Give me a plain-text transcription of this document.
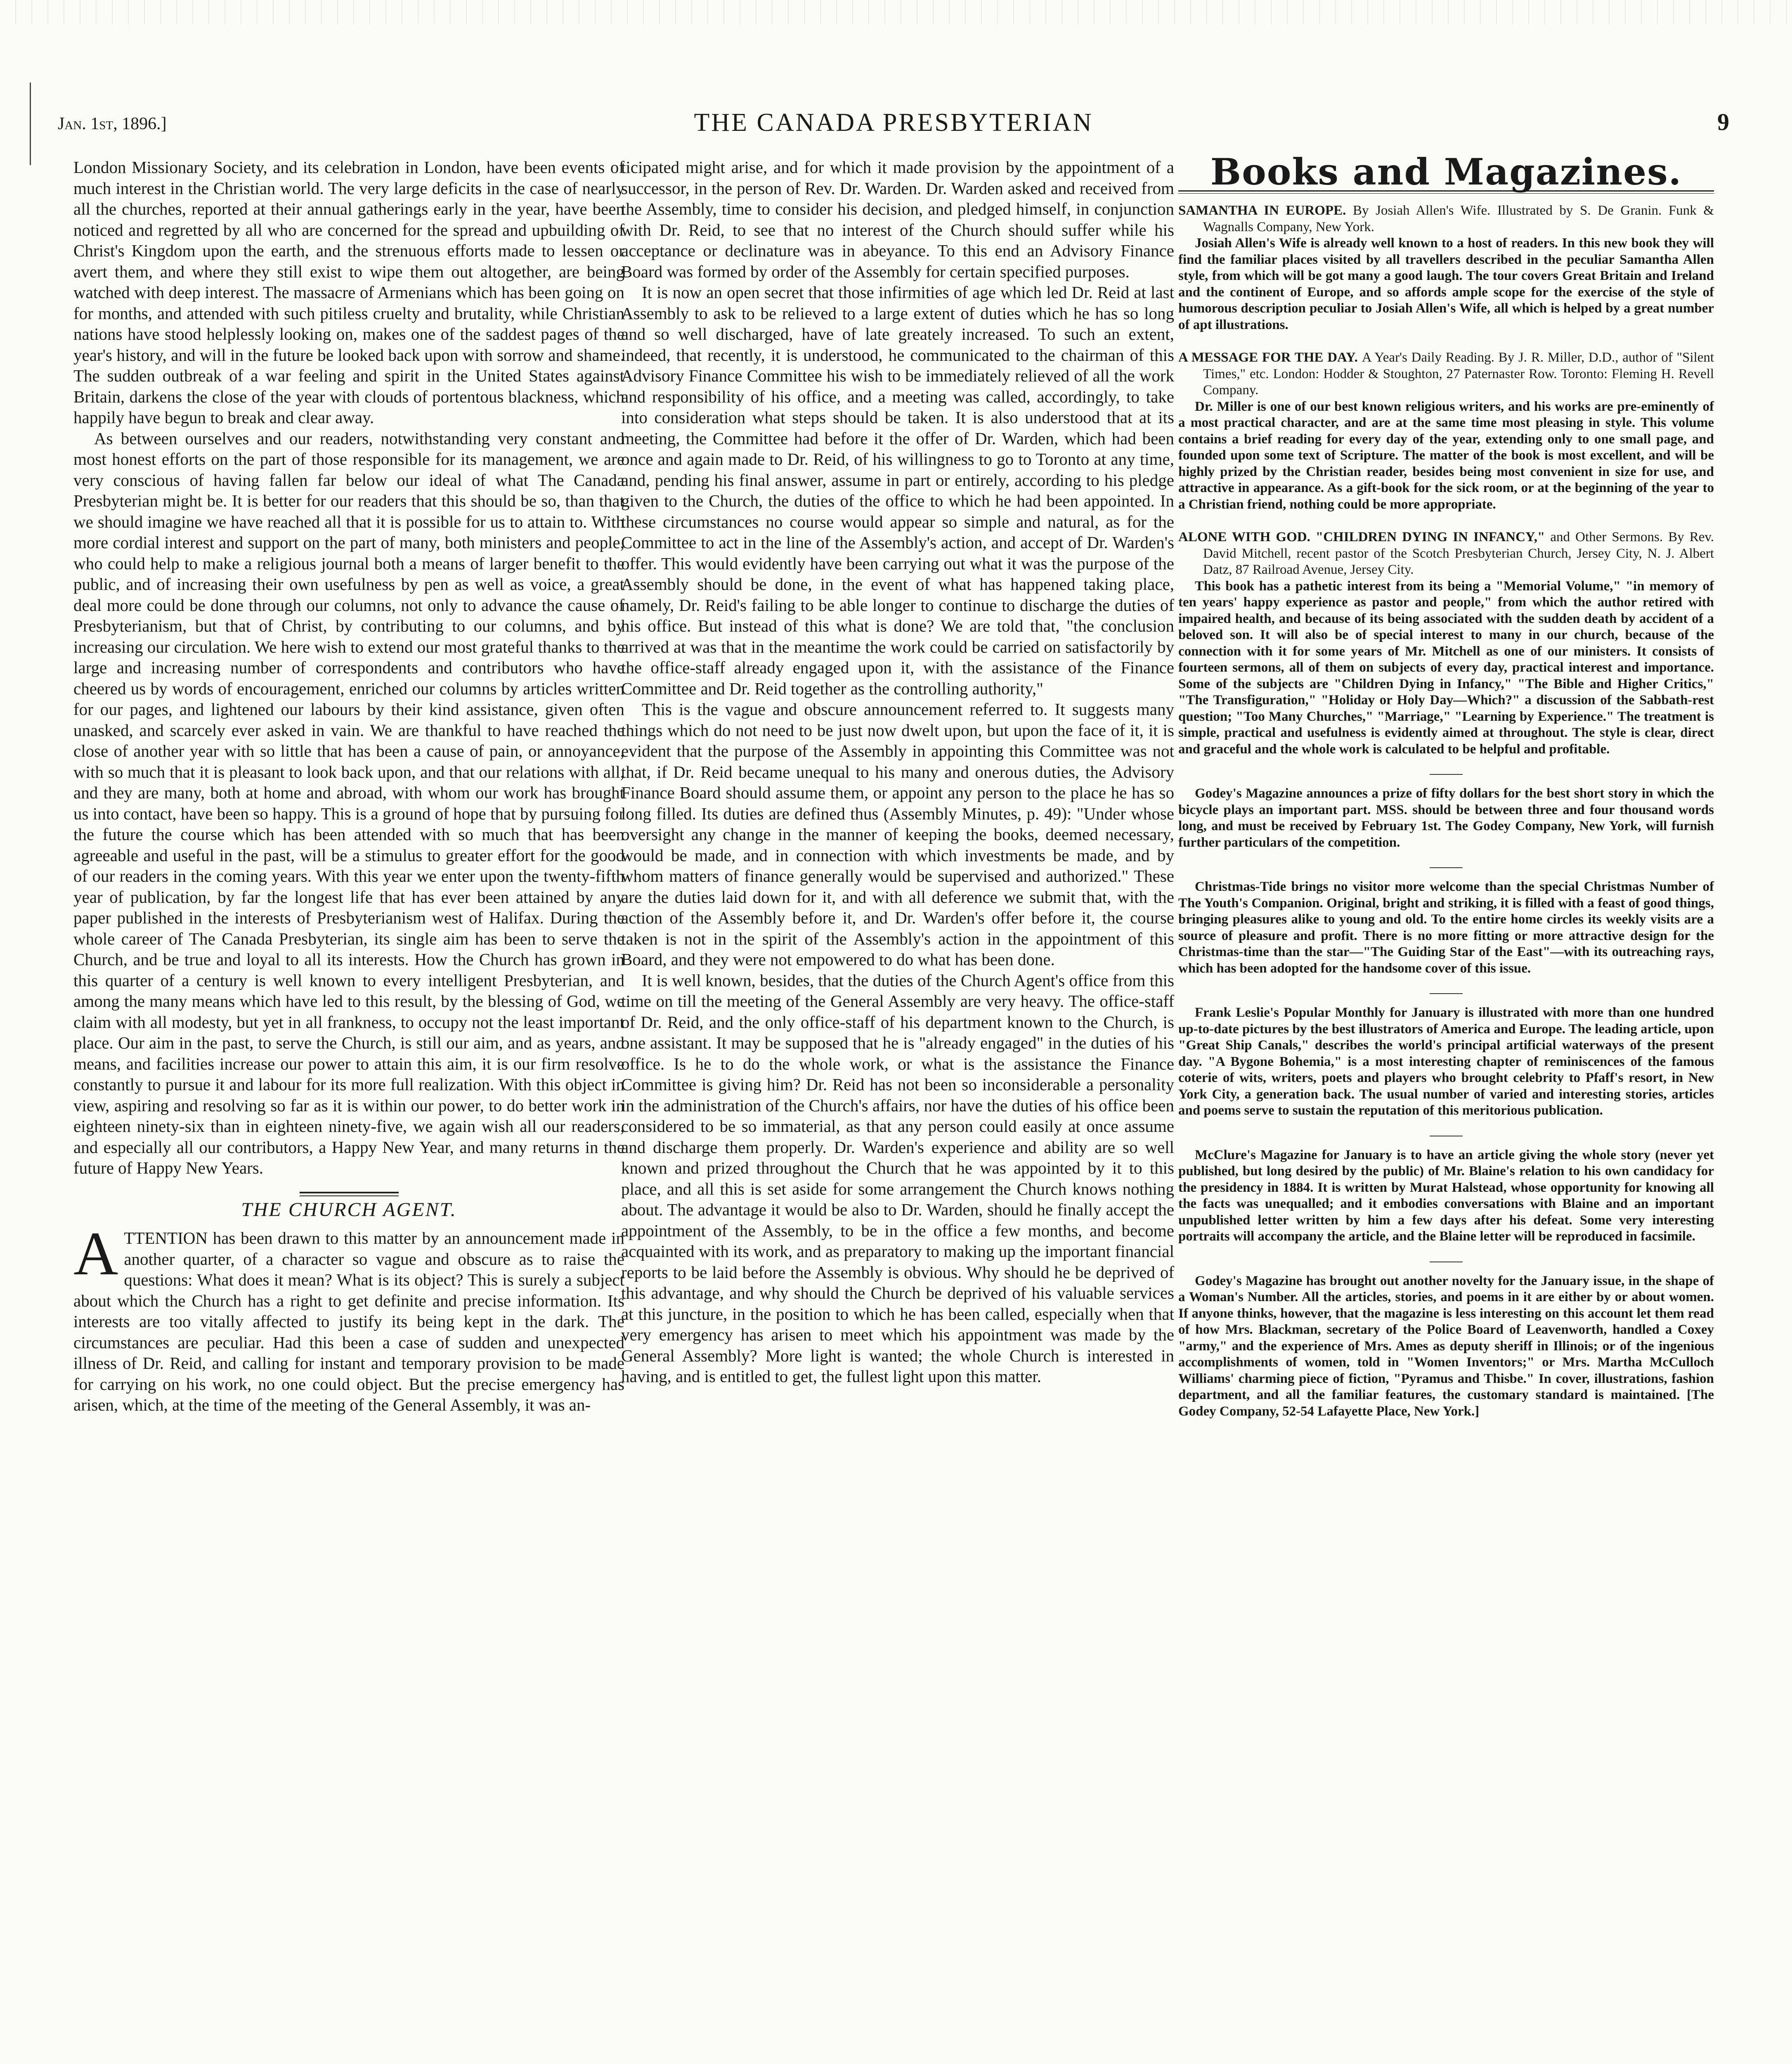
Jan. 1st, 1896.]	THE CANADA PRESBYTERIAN	9

London Missionary Society, and its celebration in London, have been events of much interest in the Christian world. The very large deficits in the case of nearly all the churches, reported at their annual gatherings early in the year, have been noticed and regretted by all who are concerned for the spread and upbuilding of Christ's Kingdom upon the earth, and the strenuous efforts made to lessen or avert them, and where they still exist to wipe them out altogether, are being watched with deep interest. The massacre of Armenians which has been going on for months, and attended with such pitiless cruelty and brutality, while Christian nations have stood helplessly looking on, makes one of the saddest pages of the year's history, and will in the future be looked back upon with sorrow and shame. The sudden outbreak of a war feeling and spirit in the United States against Britain, darkens the close of the year with clouds of portentous blackness, which happily have begun to break and clear away.

As between ourselves and our readers, notwithstanding very constant and most honest efforts on the part of those responsible for its management, we are very conscious of having fallen far below our ideal of what The Canada Presbyterian might be. It is better for our readers that this should be so, than that we should imagine we have reached all that it is possible for us to attain to. With more cordial interest and support on the part of many, both ministers and people, who could help to make a religious journal both a means of larger benefit to the public, and of increasing their own usefulness by pen as well as voice, a great deal more could be done through our columns, not only to advance the cause of Presbyterianism, but that of Christ, by contributing to our columns, and by increasing our circulation. We here wish to extend our most grateful thanks to the large and increasing number of correspondents and contributors who have cheered us by words of encouragement, enriched our columns by articles written for our pages, and lightened our labours by their kind assistance, given often unasked, and scarcely ever asked in vain. We are thankful to have reached the close of another year with so little that has been a cause of pain, or annoyance, with so much that it is pleasant to look back upon, and that our relations with all, and they are many, both at home and abroad, with whom our work has brought us into contact, have been so happy. This is a ground of hope that by pursuing for the future the course which has been attended with so much that has been agreeable and useful in the past, will be a stimulus to greater effort for the good of our readers in the coming years. With this year we enter upon the twenty-fifth year of publication, by far the longest life that has ever been attained by any paper published in the interests of Presbyterianism west of Halifax. During the whole career of The Canada Presbyterian, its single aim has been to serve the Church, and be true and loyal to all its interests. How the Church has grown in this quarter of a century is well known to every intelligent Presbyterian, and among the many means which have led to this result, by the blessing of God, we claim with all modesty, but yet in all frankness, to occupy not the least important place. Our aim in the past, to serve the Church, is still our aim, and as years, and means, and facilities increase our power to attain this aim, it is our firm resolve constantly to pursue it and labour for its more full realization. With this object in view, aspiring and resolving so far as it is within our power, to do better work in eighteen ninety-six than in eighteen ninety-five, we again wish all our readers, and especially all our contributors, a Happy New Year, and many returns in the future of Happy New Years.

THE CHURCH AGENT.

ATTENTION has been drawn to this matter by an announcement made in another quarter, of a character so vague and obscure as to raise the questions: What does it mean? What is its object? This is surely a subject about which the Church has a right to get definite and precise information. Its interests are too vitally affected to justify its being kept in the dark. The circumstances are peculiar. Had this been a case of sudden and unexpected illness of Dr. Reid, and calling for instant and temporary provision to be made for carrying on his work, no one could object. But the precise emergency has arisen, which, at the time of the meeting of the General Assembly, it was an-

ticipated might arise, and for which it made provision by the appointment of a successor, in the person of Rev. Dr. Warden. Dr. Warden asked and received from the Assembly, time to consider his decision, and pledged himself, in conjunction with Dr. Reid, to see that no interest of the Church should suffer while his acceptance or declinature was in abeyance. To this end an Advisory Finance Board was formed by order of the Assembly for certain specified purposes.

It is now an open secret that those infirmities of age which led Dr. Reid at last Assembly to ask to be relieved to a large extent of duties which he has so long and so well discharged, have of late greately increased. To such an extent, indeed, that recently, it is understood, he communicated to the chairman of this Advisory Finance Committee his wish to be immediately relieved of all the work and responsibility of his office, and a meeting was called, accordingly, to take into consideration what steps should be taken. It is also understood that at its meeting, the Committee had before it the offer of Dr. Warden, which had been once and again made to Dr. Reid, of his willingness to go to Toronto at any time, and, pending his final answer, assume in part or entirely, according to his pledge given to the Church, the duties of the office to which he had been appointed. In these circumstances no course would appear so simple and natural, as for the Committee to act in the line of the Assembly's action, and accept of Dr. Warden's offer. This would evidently have been carrying out what it was the purpose of the Assembly should be done, in the event of what has happened taking place, namely, Dr. Reid's failing to be able longer to continue to discharge the duties of his office. But instead of this what is done? We are told that, "the conclusion arrived at was that in the meantime the work could be carried on satisfactorily by the office-staff already engaged upon it, with the assistance of the Finance Committee and Dr. Reid together as the controlling authority,"

This is the vague and obscure announcement referred to. It suggests many things which do not need to be just now dwelt upon, but upon the face of it, it is evident that the purpose of the Assembly in appointing this Committee was not that, if Dr. Reid became unequal to his many and onerous duties, the Advisory Finance Board should assume them, or appoint any person to the place he has so long filled. Its duties are defined thus (Assembly Minutes, p. 49): "Under whose oversight any change in the manner of keeping the books, deemed necessary, would be made, and in connection with which investments be made, and by whom matters of finance generally would be supervised and authorized." These are the duties laid down for it, and with all deference we submit that, with the action of the Assembly before it, and Dr. Warden's offer before it, the course taken is not in the spirit of the Assembly's action in the appointment of this Board, and they were not empowered to do what has been done.

It is well known, besides, that the duties of the Church Agent's office from this time on till the meeting of the General Assembly are very heavy. The office-staff of Dr. Reid, and the only office-staff of his department known to the Church, is one assistant. It may be supposed that he is "already engaged" in the duties of his office. Is he to do the whole work, or what is the assistance the Finance Committee is giving him? Dr. Reid has not been so inconsiderable a personality in the administration of the Church's affairs, nor have the duties of his office been considered to be so immaterial, as that any person could easily at once assume and discharge them properly. Dr. Warden's experience and ability are so well known and prized throughout the Church that he was appointed by it to this place, and all this is set aside for some arrangement the Church knows nothing about. The advantage it would be also to Dr. Warden, should he finally accept the appointment of the Assembly, to be in the office a few months, and become acquainted with its work, and as preparatory to making up the important financial reports to be laid before the Assembly is obvious. Why should he be deprived of this advantage, and why should the Church be deprived of his valuable services at this juncture, in the position to which he has been called, especially when that very emergency has arisen to meet which his appointment was made by the General Assembly? More light is wanted; the whole Church is interested in having, and is entitled to get, the fullest light upon this matter.

Books and Magazines.

SAMANTHA IN EUROPE. By Josiah Allen's Wife. Illustrated by S. De Granin. Funk & Wagnalls Company, New York.

Josiah Allen's Wife is already well known to a host of readers. In this new book they will find the familiar places visited by all travellers described in the peculiar Samantha Allen style, from which will be got many a good laugh. The tour covers Great Britain and Ireland and the continent of Europe, and so affords ample scope for the exercise of the style of humorous description peculiar to Josiah Allen's Wife, all which is helped by a great number of apt illustrations.

A MESSAGE FOR THE DAY. A Year's Daily Reading. By J. R. Miller, D.D., author of "Silent Times," etc. London: Hodder & Stoughton, 27 Paternaster Row. Toronto: Fleming H. Revell Company.

Dr. Miller is one of our best known religious writers, and his works are pre-eminently of a most practical character, and are at the same time most pleasing in style. This volume contains a brief reading for every day of the year, extending only to one small page, and founded upon some text of Scripture. The matter of the book is most excellent, and will be highly prized by the Christian reader, besides being most convenient in size for use, and attractive in appearance. As a gift-book for the sick room, or at the beginning of the year to a Christian friend, nothing could be more appropriate.

ALONE WITH GOD. "CHILDREN DYING IN INFANCY," and Other Sermons. By Rev. David Mitchell, recent pastor of the Scotch Presbyterian Church, Jersey City, N. J. Albert Datz, 87 Railroad Avenue, Jersey City.

This book has a pathetic interest from its being a "Memorial Volume," "in memory of ten years' happy experience as pastor and people," from which the author retired with impaired health, and because of its being associated with the sudden death by accident of a beloved son. It will also be of special interest to many in our church, because of the connection with it for some years of Mr. Mitchell as one of our ministers. It consists of fourteen sermons, all of them on subjects of every day, practical interest and importance. Some of the subjects are "Children Dying in Infancy," "The Bible and Higher Critics," "The Transfiguration," "Holiday or Holy Day—Which?" a discussion of the Sabbath-rest question; "Too Many Churches," "Marriage," "Learning by Experience." The treatment is simple, practical and usefulness is evidently aimed at throughout. The style is clear, direct and graceful and the whole work is calculated to be helpful and profitable.

Godey's Magazine announces a prize of fifty dollars for the best short story in which the bicycle plays an important part. MSS. should be between three and four thousand words long, and must be received by February 1st. The Godey Company, New York, will furnish further particulars of the competition.

Christmas-Tide brings no visitor more welcome than the special Christmas Number of The Youth's Companion. Original, bright and striking, it is filled with a feast of good things, bringing pleasures alike to young and old. To the entire home circles its weekly visits are a source of pleasure and profit. There is no more fitting or more attractive design for the Christmas-time than the star—"The Guiding Star of the East"—with its outreaching rays, which has been adopted for the handsome cover of this issue.

Frank Leslie's Popular Monthly for January is illustrated with more than one hundred up-to-date pictures by the best illustrators of America and Europe. The leading article, upon "Great Ship Canals," describes the world's principal artificial waterways of the present day. "A Bygone Bohemia," is a most interesting chapter of reminiscences of the famous coterie of wits, writers, poets and players who brought celebrity to Pfaff's resort, in New York City, a generation back. The usual number of varied and interesting stories, articles and poems serve to sustain the reputation of this meritorious publication.

McClure's Magazine for January is to have an article giving the whole story (never yet published, but long desired by the public) of Mr. Blaine's relation to his own candidacy for the presidency in 1884. It is written by Murat Halstead, whose opportunity for knowing all the facts was unequalled; and it embodies conversations with Blaine and an important unpublished letter written by him a few days after his defeat. Some very interesting portraits will accompany the article, and the Blaine letter will be reproduced in facsimile.

Godey's Magazine has brought out another novelty for the January issue, in the shape of a Woman's Number. All the articles, stories, and poems in it are either by or about women. If anyone thinks, however, that the magazine is less interesting on this account let them read of how Mrs. Blackman, secretary of the Police Board of Leavenworth, handled a Coxey "army," and the experience of Mrs. Ames as deputy sheriff in Illinois; or of the ingenious accomplishments of women, told in "Women Inventors;" or Mrs. Martha McCulloch Williams' charming piece of fiction, "Pyramus and Thisbe." In cover, illustrations, fashion department, and all the familiar features, the customary standard is maintained. [The Godey Company, 52-54 Lafayette Place, New York.]
